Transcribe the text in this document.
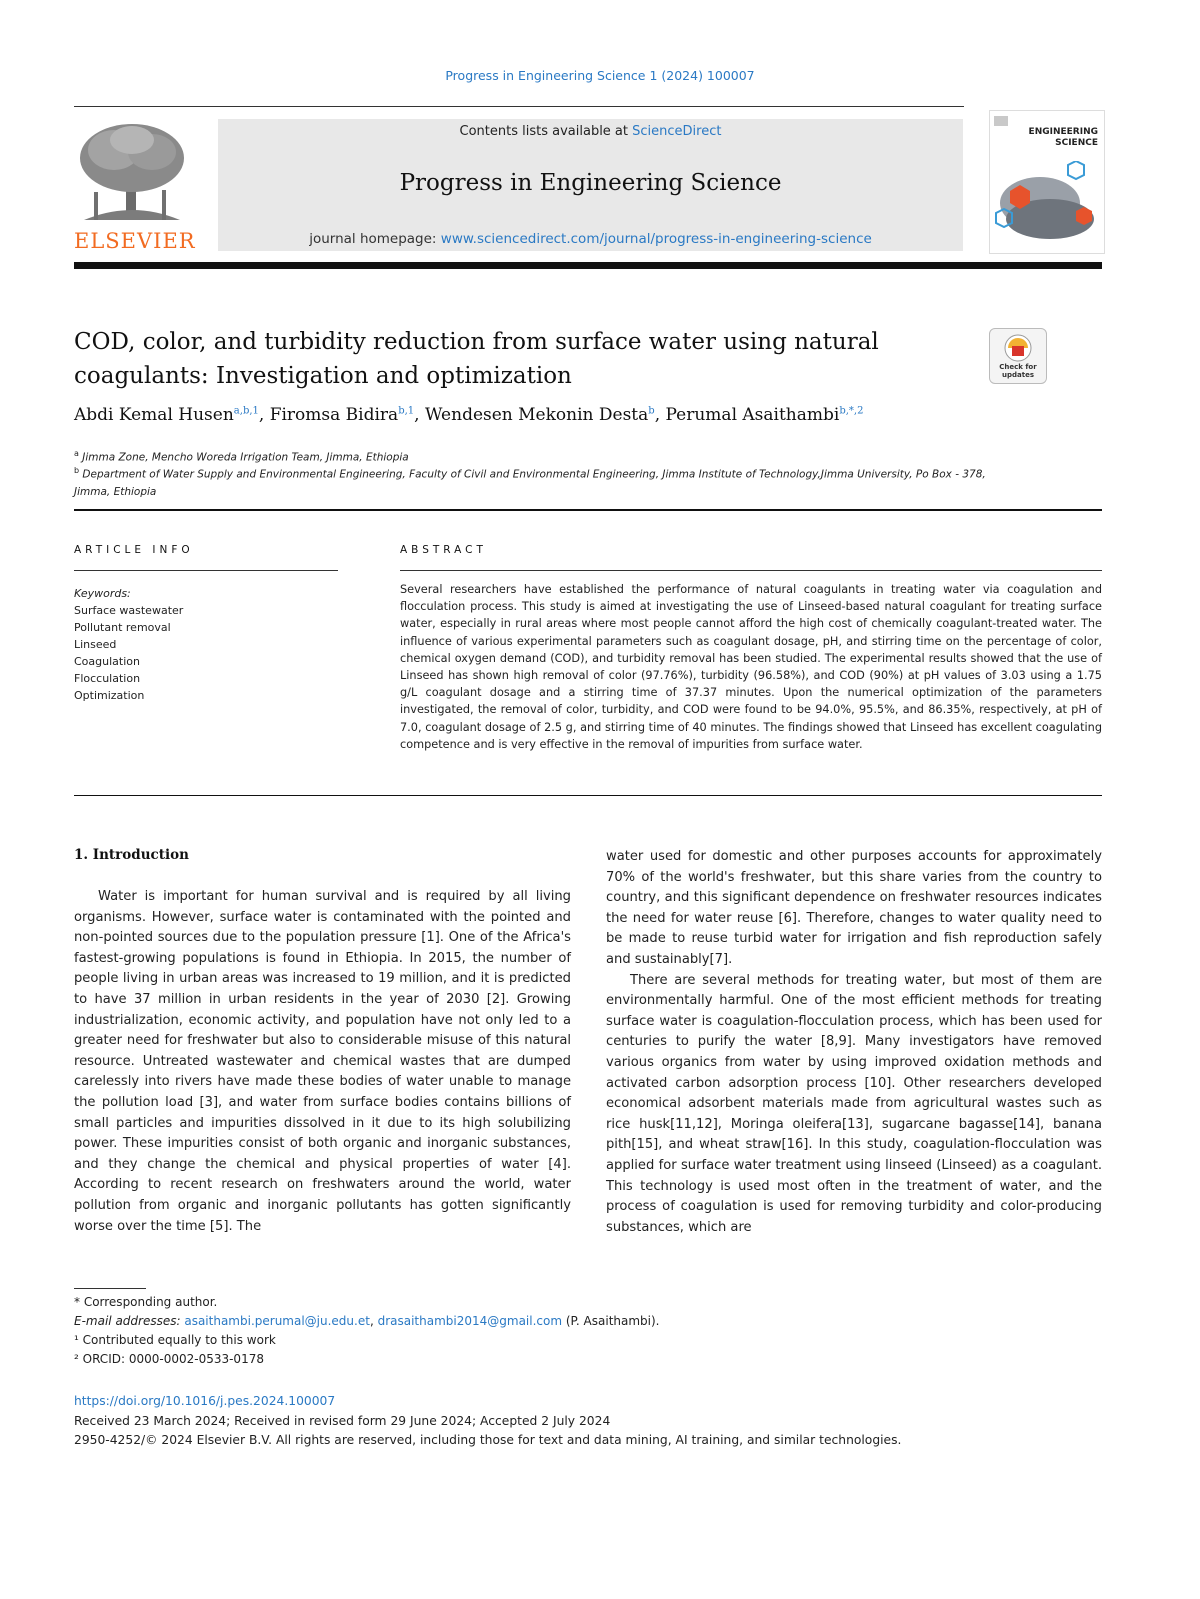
Progress in Engineering Science 1 (2024) 100007
ELSEVIER
Contents lists available at ScienceDirect
Progress in Engineering Science
journal homepage: www.sciencedirect.com/journal/progress-in-engineering-science
ENGINEERING
SCIENCE
COD, color, and turbidity reduction from surface water using natural coagulants: Investigation and optimization	Check for updates
Abdi Kemal Husen$^{a,b,1}$, Firomsa Bidira$^{b,1}$, Wendesen Mekonin Desta$^b$, Perumal Asaithambi$^{b,*,2}$
$^a$ Jimma Zone, Mencho Woreda Irrigation Team, Jimma, Ethiopia
$^b$ Department of Water Supply and Environmental Engineering, Faculty of Civil and Environmental Engineering, Jimma Institute of Technology,Jimma University, Po Box - 378, Jimma, Ethiopia
ARTICLE INFO
Keywords:
Surface wastewater
Pollutant removal
Linseed
Coagulation
Flocculation
Optimization
ABSTRACT
Several researchers have established the performance of natural coagulants in treating water via coagulation and flocculation process. This study is aimed at investigating the use of Linseed-based natural coagulant for treating surface water, especially in rural areas where most people cannot afford the high cost of chemically coagulant-treated water. The influence of various experimental parameters such as coagulant dosage, pH, and stirring time on the percentage of color, chemical oxygen demand (COD), and turbidity removal has been studied. The experimental results showed that the use of Linseed has shown high removal of color (97.76%), turbidity (96.58%), and COD (90%) at pH values of 3.03 using a 1.75 g/L coagulant dosage and a stirring time of 37.37 minutes. Upon the numerical optimization of the parameters investigated, the removal of color, turbidity, and COD were found to be 94.0%, 95.5%, and 86.35%, respectively, at pH of 7.0, coagulant dosage of 2.5 g, and stirring time of 40 minutes. The findings showed that Linseed has excellent coagulating competence and is very effective in the removal of impurities from surface water.
1. Introduction

Water is important for human survival and is required by all living organisms. However, surface water is contaminated with the pointed and non-pointed sources due to the population pressure [1]. One of the Africa's fastest-growing populations is found in Ethiopia. In 2015, the number of people living in urban areas was increased to 19 million, and it is predicted to have 37 million in urban residents in the year of 2030 [2]. Growing industrialization, economic activity, and population have not only led to a greater need for freshwater but also to considerable misuse of this natural resource. Untreated wastewater and chemical wastes that are dumped carelessly into rivers have made these bodies of water unable to manage the pollution load [3], and water from surface bodies contains billions of small particles and impurities dissolved in it due to its high solubilizing power. These impurities consist of both organic and inorganic substances, and they change the chemical and physical properties of water [4]. According to recent research on freshwaters around the world, water pollution from organic and inorganic pollutants has gotten significantly worse over the time [5]. The

water used for domestic and other purposes accounts for approximately 70% of the world's freshwater, but this share varies from the country to country, and this significant dependence on freshwater resources indicates the need for water reuse [6]. Therefore, changes to water quality need to be made to reuse turbid water for irrigation and fish reproduction safely and sustainably[7].

There are several methods for treating water, but most of them are environmentally harmful. One of the most efficient methods for treating surface water is coagulation-flocculation process, which has been used for centuries to purify the water [8,9]. Many investigators have removed various organics from water by using improved oxidation methods and activated carbon adsorption process [10]. Other researchers developed economical adsorbent materials made from agricultural wastes such as rice husk[11,12], Moringa oleifera[13], sugarcane bagasse[14], banana pith[15], and wheat straw[16]. In this study, coagulation-flocculation was applied for surface water treatment using linseed (Linseed) as a coagulant. This technology is used most often in the treatment of water, and the process of coagulation is used for removing turbidity and color-producing substances, which are

* Corresponding author.
E-mail addresses: asaithambi.perumal@ju.edu.et, drasaithambi2014@gmail.com (P. Asaithambi).
¹ Contributed equally to this work
² ORCID: 0000-0002-0533-0178
https://doi.org/10.1016/j.pes.2024.100007
Received 23 March 2024; Received in revised form 29 June 2024; Accepted 2 July 2024
2950-4252/© 2024 Elsevier B.V. All rights are reserved, including those for text and data mining, AI training, and similar technologies.
